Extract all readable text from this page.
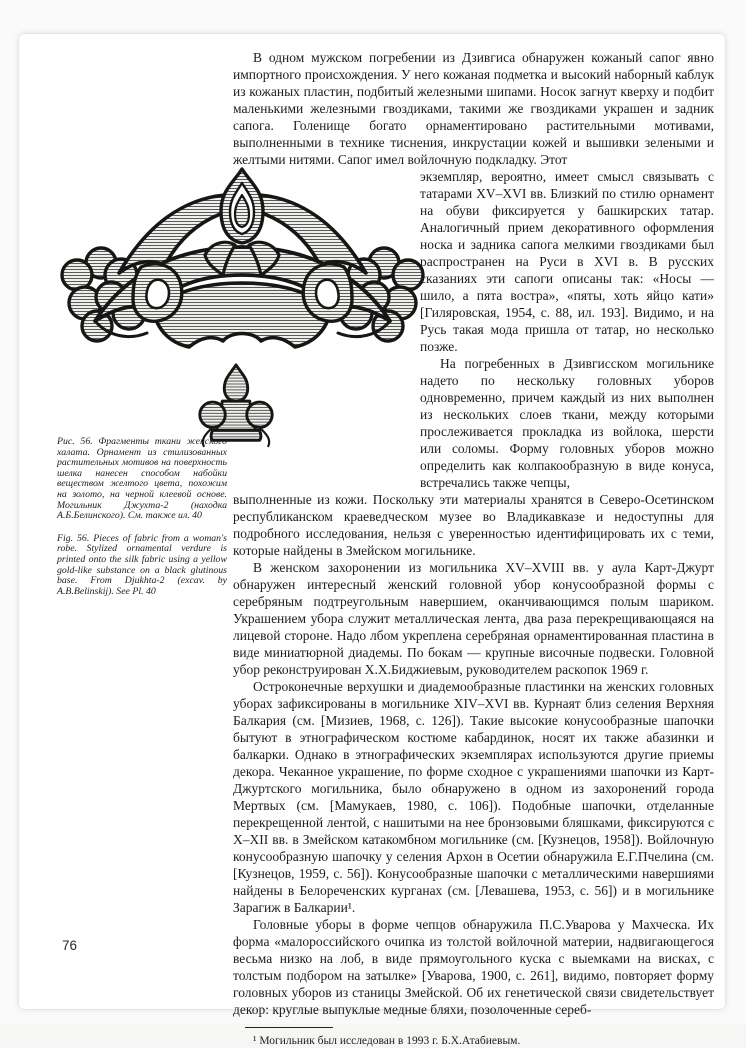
Рис. 56. Фрагменты ткани женского халата. Орнамент из стилизованных растительных мотивов на поверхность шелка нанесен способом набойки веществом желтого цвета, похожим на золото, на черной клеевой основе. Могильник Джухта-2 (находка А.Б.Белинского). См. также ил. 40
Fig. 56. Pieces of fabric from a woman's robe. Stylized ornamental verdure is printed onto the silk fabric using a yellow gold-like substance on a black glutinous base. From Djukhta-2 (excav. by A.B.Belinskij). See Pl. 40

В одном мужском погребении из Дзивгиса обнаружен кожаный сапог явно импортного происхождения. У него кожаная подметка и высокий наборный каблук из кожаных пластин, подбитый железными шипами. Носок загнут кверху и подбит маленькими железными гвоздиками, такими же гвоздиками украшен и задник сапога. Голенище богато орнаментировано растительными мотивами, выполненными в технике тиснения, инкрустации кожей и вышивки зелеными и желтыми нитями. Сапог имел войлочную подкладку. Этот

экземпляр, вероятно, имеет смысл связывать с татарами XV–XVI вв. Близкий по стилю орнамент на обуви фиксируется у башкирских татар. Аналогичный прием декоративного оформления носка и задника сапога мелкими гвоздиками был распространен на Руси в XVI в. В русских сказаниях эти сапоги описаны так: «Носы — шило, а пята востра», «пяты, хоть яйцо кати» [Гиляровская, 1954, с. 88, ил. 193]. Видимо, и на Русь такая мода пришла от татар, но несколько позже.

На погребенных в Дзивгисском могильнике надето по нескольку головных уборов одновременно, причем каждый из них выполнен из нескольких слоев ткани, между которыми прослеживается прокладка из войлока, шерсти или соломы. Форму головных уборов можно определить как колпакообразную в виде конуса, встречались также чепцы,

выполненные из кожи. Поскольку эти материалы хранятся в Северо-Осетинском республиканском краеведческом музее во Владикавказе и недоступны для подробного исследования, нельзя с уверенностью идентифицировать их с теми, которые найдены в Змейском могильнике.

В женском захоронении из могильника XV–XVIII вв. у аула Карт-Джурт обнаружен интересный женский головной убор конусообразной формы с серебряным подтреугольным навершием, оканчивающимся полым шариком. Украшением убора служит металлическая лента, два раза перекрещивающаяся на лицевой стороне. Надо лбом укреплена серебряная орнаментированная пластина в виде миниатюрной диадемы. По бокам — крупные височные подвески. Головной убор реконструирован Х.Х.Биджиевым, руководителем раскопок 1969 г.

Остроконечные верхушки и диадемообразные пластинки на женских головных уборах зафиксированы в могильнике XIV–XVI вв. Курнаят близ селения Верхняя Балкария (см. [Мизиев, 1968, с. 126]). Такие высокие конусообразные шапочки бытуют в этнографическом костюме кабардинок, носят их также абазинки и балкарки. Однако в этнографических экземплярах используются другие приемы декора. Чеканное украшение, по форме сходное с украшениями шапочки из Карт-Джуртского могильника, было обнаружено в одном из захоронений города Мертвых (см. [Мамукаев, 1980, с. 106]). Подобные шапочки, отделанные перекрещенной лентой, с нашитыми на нее бронзовыми бляшками, фиксируются с X–XII вв. в Змейском катакомбном могильнике (см. [Кузнецов, 1958]). Войлочную конусообразную шапочку у селения Архон в Осетии обнаружила Е.Г.Пчелина (см. [Кузнецов, 1959, с. 56]). Конусообразные шапочки с металлическими навершиями найдены в Белореченских курганах (см. [Левашева, 1953, с. 56]) и в могильнике Зарагиж в Балкарии¹.

Головные уборы в форме чепцов обнаружила П.С.Уварова у Махческа. Их форма «малороссийского очипка из толстой войлочной материи, надвигающегося весьма низко на лоб, в виде прямоугольного куска с выемками на висках, с толстым подбором на затылке» [Уварова, 1900, с. 261], видимо, повторяет форму головных уборов из станицы Змейской. Об их генетической связи свидетельствует декор: круглые выпуклые медные бляхи, позолоченные сереб-

¹ Могильник был исследован в 1993 г. Б.Х.Атабиевым.
76
